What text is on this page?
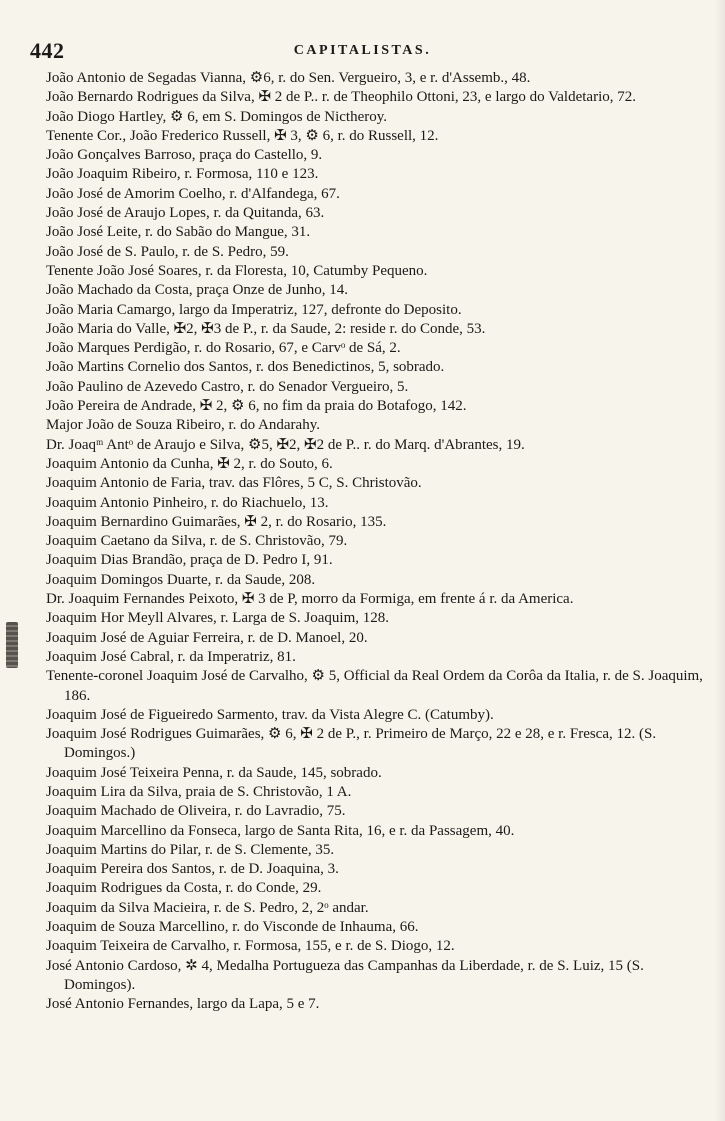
442	CAPITALISTAS.

João Antonio de Segadas Vianna, ⚙6, r. do Sen. Vergueiro, 3, e r. d'Assemb., 48.

João Bernardo Rodrigues da Silva, ✠ 2 de P.. r. de Theophilo Ottoni, 23, e largo do Valdetario, 72.

João Diogo Hartley, ⚙ 6, em S. Domingos de Nictheroy.

Tenente Cor., João Frederico Russell, ✠ 3, ⚙ 6, r. do Russell, 12.

João Gonçalves Barroso, praça do Castello, 9.

João Joaquim Ribeiro, r. Formosa, 110 e 123.

João José de Amorim Coelho, r. d'Alfandega, 67.

João José de Araujo Lopes, r. da Quitanda, 63.

João José Leite, r. do Sabão do Mangue, 31.

João José de S. Paulo, r. de S. Pedro, 59.

Tenente João José Soares, r. da Floresta, 10, Catumby Pequeno.

João Machado da Costa, praça Onze de Junho, 14.

João Maria Camargo, largo da Imperatriz, 127, defronte do Deposito.

João Maria do Valle, ✠2, ✠3 de P., r. da Saude, 2: reside r. do Conde, 53.

João Marques Perdigão, r. do Rosario, 67, e Carvᵒ de Sá, 2.

João Martins Cornelio dos Santos, r. dos Benedictinos, 5, sobrado.

João Paulino de Azevedo Castro, r. do Senador Vergueiro, 5.

João Pereira de Andrade, ✠ 2, ⚙ 6, no fim da praia do Botafogo, 142.

Major João de Souza Ribeiro, r. do Andarahy.

Dr. Joaqᵐ Antᵒ de Araujo e Silva, ⚙5, ✠2, ✠2 de P.. r. do Marq. d'Abrantes, 19.

Joaquim Antonio da Cunha, ✠ 2, r. do Souto, 6.

Joaquim Antonio de Faria, trav. das Flôres, 5 C, S. Christovão.

Joaquim Antonio Pinheiro, r. do Riachuelo, 13.

Joaquim Bernardino Guimarães, ✠ 2, r. do Rosario, 135.

Joaquim Caetano da Silva, r. de S. Christovão, 79.

Joaquim Dias Brandão, praça de D. Pedro I, 91.

Joaquim Domingos Duarte, r. da Saude, 208.

Dr. Joaquim Fernandes Peixoto, ✠ 3 de P, morro da Formiga, em frente á r. da America.

Joaquim Hor Meyll Alvares, r. Larga de S. Joaquim, 128.

Joaquim José de Aguiar Ferreira, r. de D. Manoel, 20.

Joaquim José Cabral, r. da Imperatriz, 81.

Tenente-coronel Joaquim José de Carvalho, ⚙ 5, Official da Real Ordem da Corôa da Italia, r. de S. Joaquim, 186.

Joaquim José de Figueiredo Sarmento, trav. da Vista Alegre C. (Catumby).

Joaquim José Rodrigues Guimarães, ⚙ 6, ✠ 2 de P., r. Primeiro de Março, 22 e 28, e r. Fresca, 12. (S. Domingos.)

Joaquim José Teixeira Penna, r. da Saude, 145, sobrado.

Joaquim Lira da Silva, praia de S. Christovão, 1 A.

Joaquim Machado de Oliveira, r. do Lavradio, 75.

Joaquim Marcellino da Fonseca, largo de Santa Rita, 16, e r. da Passagem, 40.

Joaquim Martins do Pilar, r. de S. Clemente, 35.

Joaquim Pereira dos Santos, r. de D. Joaquina, 3.

Joaquim Rodrigues da Costa, r. do Conde, 29.

Joaquim da Silva Macieira, r. de S. Pedro, 2, 2ᵒ andar.

Joaquim de Souza Marcellino, r. do Visconde de Inhauma, 66.

Joaquim Teixeira de Carvalho, r. Formosa, 155, e r. de S. Diogo, 12.

José Antonio Cardoso, ✲ 4, Medalha Portugueza das Campanhas da Liberdade, r. de S. Luiz, 15 (S. Domingos).

José Antonio Fernandes, largo da Lapa, 5 e 7.
